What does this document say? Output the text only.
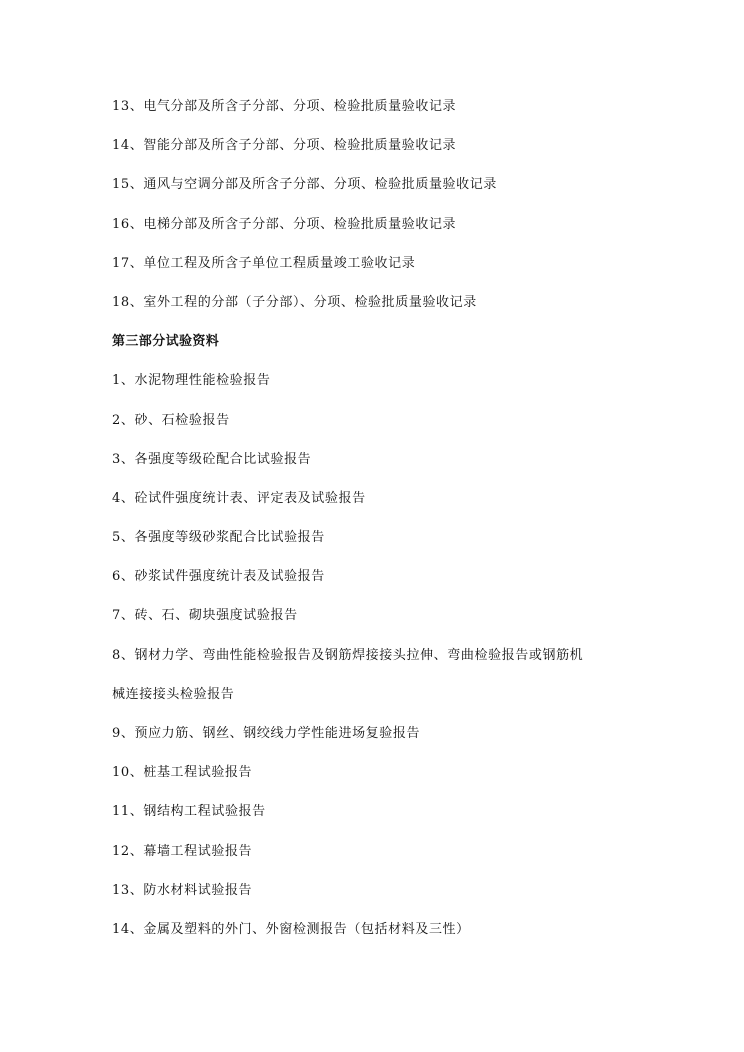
13、电气分部及所含子分部、分项、检验批质量验收记录
14、智能分部及所含子分部、分项、检验批质量验收记录
15、通风与空调分部及所含子分部、分项、检验批质量验收记录
16、电梯分部及所含子分部、分项、检验批质量验收记录
17、单位工程及所含子单位工程质量竣工验收记录
18、室外工程的分部（子分部）、分项、检验批质量验收记录
第三部分试验资料
1、水泥物理性能检验报告
2、砂、石检验报告
3、各强度等级砼配合比试验报告
4、砼试件强度统计表、评定表及试验报告
5、各强度等级砂浆配合比试验报告
6、砂浆试件强度统计表及试验报告
7、砖、石、砌块强度试验报告
8、钢材力学、弯曲性能检验报告及钢筋焊接接头拉伸、弯曲检验报告或钢筋机
械连接接头检验报告
9、预应力筋、钢丝、钢绞线力学性能进场复验报告
10、桩基工程试验报告
11、钢结构工程试验报告
12、幕墙工程试验报告
13、防水材料试验报告
14、金属及塑料的外门、外窗检测报告（包括材料及三性）
